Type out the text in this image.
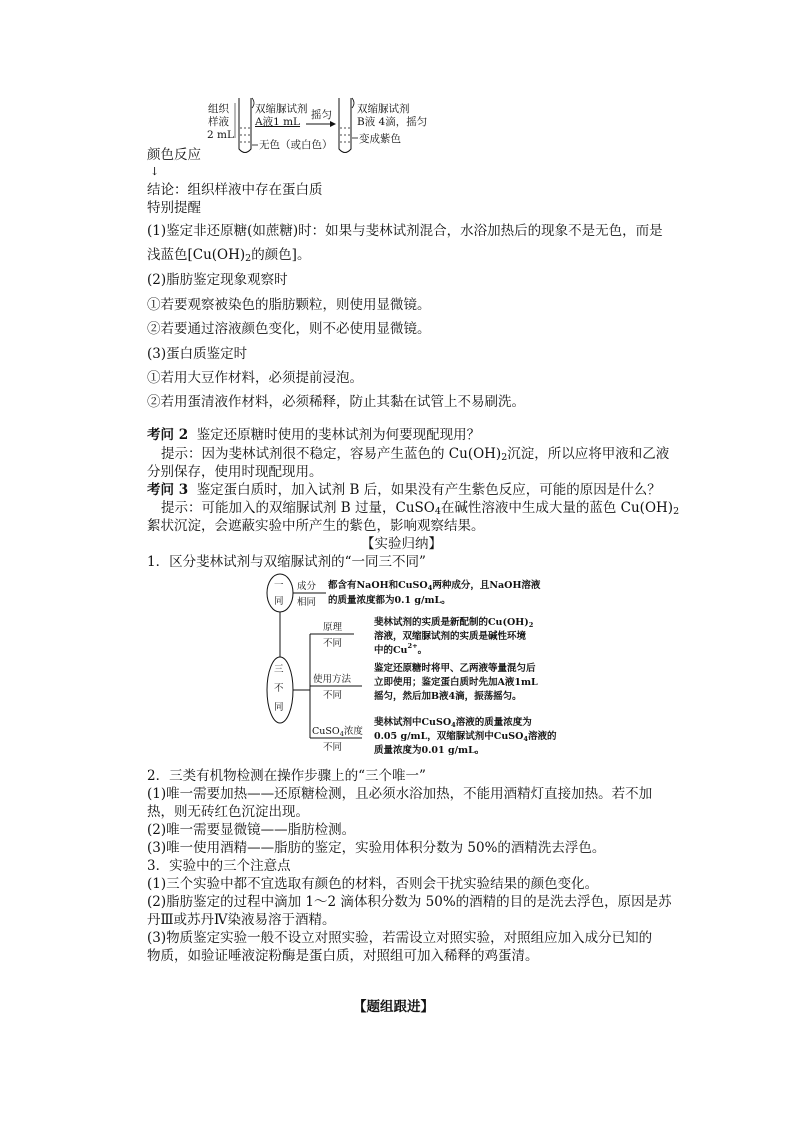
组织
样液
2 mL
双缩脲试剂
A液1 mL
摇匀 双缩脲试剂
B液 4滴，摇匀
无色（或白色）	变成紫色
颜色反应
↓
结论：组织样液中存在蛋白质
特别提醒
(1)鉴定非还原糖(如蔗糖)时：如果与斐林试剂混合，水浴加热后的现象不是无色，而是
浅蓝色[$Cu(OH)_2$的颜色]。
(2)脂肪鉴定现象观察时
①若要观察被染色的脂肪颗粒，则使用显微镜。
②若要通过溶液颜色变化，则不必使用显微镜。
(3)蛋白质鉴定时
①若用大豆作材料，必须提前浸泡。
②若用蛋清液作材料，必须稀释，防止其黏在试管上不易刷洗。
考问 2 鉴定还原糖时使用的斐林试剂为何要现配现用？
提示：因为斐林试剂很不稳定，容易产生蓝色的 $Cu(OH)_2$沉淀，所以应将甲液和乙液
分别保存，使用时现配现用。
考问 3 鉴定蛋白质时，加入试剂 B 后，如果没有产生紫色反应，可能的原因是什么？
提示：可能加入的双缩脲试剂 B 过量，CuSO$_4$在碱性溶液中生成大量的蓝色 $Cu(OH)_2$
絮状沉淀，会遮蔽实验中所产生的紫色，影响观察结果。
【实验归纳】
1．区分斐林试剂与双缩脲试剂的“一同三不同”
一
同
三
不
同
成分
相同
都含有NaOH和CuSO$_4$两种成分，且NaOH溶液
的质量浓度都为0.1 g/mL。
原理
不同
斐林试剂的实质是新配制的$Cu(OH)_2$
溶液，双缩脲试剂的实质是碱性环境
中的$Cu^{2+}$。
使用方法
不同
鉴定还原糖时将甲、乙两液等量混匀后
立即使用；鉴定蛋白质时先加A液1mL
摇匀，然后加B液4滴，振荡摇匀。
CuSO$_4$浓度
不同
斐林试剂中CuSO$_4$溶液的质量浓度为
0.05 g/mL，双缩脲试剂中CuSO$_4$溶液的
质量浓度为0.01 g/mL。
2．三类有机物检测在操作步骤上的“三个唯一”
(1)唯一需要加热——还原糖检测，且必须水浴加热，不能用酒精灯直接加热。若不加
热，则无砖红色沉淀出现。
(2)唯一需要显微镜——脂肪检测。
(3)唯一使用酒精——脂肪的鉴定，实验用体积分数为 50%的酒精洗去浮色。
3．实验中的三个注意点
(1)三个实验中都不宜选取有颜色的材料，否则会干扰实验结果的颜色变化。
(2)脂肪鉴定的过程中滴加 1～2 滴体积分数为 50%的酒精的目的是洗去浮色，原因是苏
丹Ⅲ或苏丹Ⅳ染液易溶于酒精。
(3)物质鉴定实验一般不设立对照实验，若需设立对照实验，对照组应加入成分已知的
物质，如验证唾液淀粉酶是蛋白质，对照组可加入稀释的鸡蛋清。
【题组跟进】
